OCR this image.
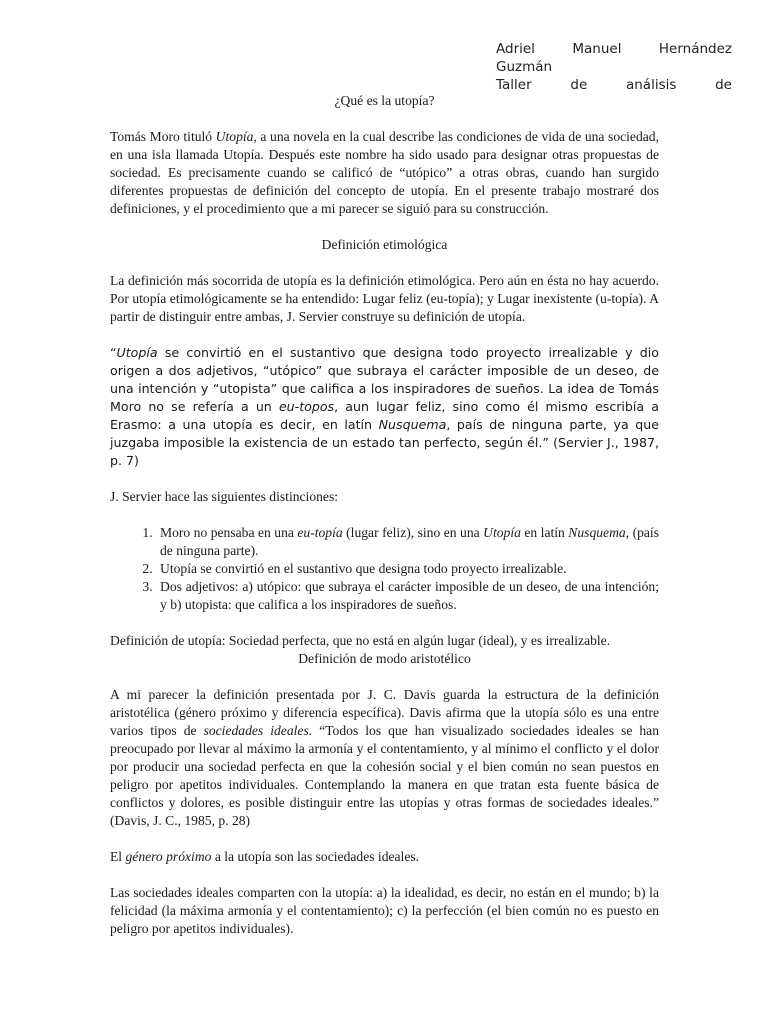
Adriel	Manuel	Hernández
Guzmán
Taller	de	análisis	de

¿Qué es la utopía?

Tomás Moro tituló Utopía, a una novela en la cual describe las condiciones de vida de una sociedad, en una isla llamada Utopía. Después este nombre ha sido usado para designar otras propuestas de sociedad. Es precisamente cuando se calificó de “utópico” a otras obras, cuando han surgido diferentes propuestas de definición del concepto de utopía. En el presente trabajo mostraré dos definiciones, y el procedimiento que a mi parecer se siguió para su construcción.

Definición etimológica

La definición más socorrida de utopía es la definición etimológica. Pero aún en ésta no hay acuerdo. Por utopía etimológicamente se ha entendido: Lugar feliz (eu-topía); y Lugar inexistente (u-topía). A partir de distinguir entre ambas, J. Servier construye su definición de utopía.

“Utopía se convirtió en el sustantivo que designa todo proyecto irrealizable y dio origen a dos adjetivos, “utópico” que subraya el carácter imposible de un deseo, de una intención y “utopista” que califica a los inspiradores de sueños. La idea de Tomás Moro no se refería a un eu-topos, aun lugar feliz, sino como él mismo escribía a Erasmo: a una utopía es decir, en latín Nusquema, país de ninguna parte, ya que juzgaba imposible la existencia de un estado tan perfecto, según él.” (Servier J., 1987, p. 7)

J. Servier hace las siguientes distinciones:

1. Moro no pensaba en una eu-topía (lugar feliz), sino en una Utopía en latín Nusquema, (país de ninguna parte).
2. Utopía se convirtió en el sustantivo que designa todo proyecto irrealizable.
3. Dos adjetivos: a) utópico: que subraya el carácter imposible de un deseo, de una intención; y b) utopista: que califica a los inspiradores de sueños.

Definición de utopía: Sociedad perfecta, que no está en algún lugar (ideal), y es irrealizable.

Definición de modo aristotélico

A mi parecer la definición presentada por J. C. Davis guarda la estructura de la definición aristotélica (género próximo y diferencia específica). Davis afirma que la utopía sólo es una entre varios tipos de sociedades ideales. “Todos los que han visualizado sociedades ideales se han preocupado por llevar al máximo la armonía y el contentamiento, y al mínimo el conflicto y el dolor por producir una sociedad perfecta en que la cohesión social y el bien común no sean puestos en peligro por apetitos individuales. Contemplando la manera en que tratan esta fuente básica de conflictos y dolores, es posible distinguir entre las utopías y otras formas de sociedades ideales.” (Davis, J. C., 1985, p. 28)

El género próximo a la utopía son las sociedades ideales.

Las sociedades ideales comparten con la utopía: a) la idealidad, es decir, no están en el mundo; b) la felicidad (la máxima armonía y el contentamiento); c) la perfección (el bien común no es puesto en peligro por apetitos individuales).
